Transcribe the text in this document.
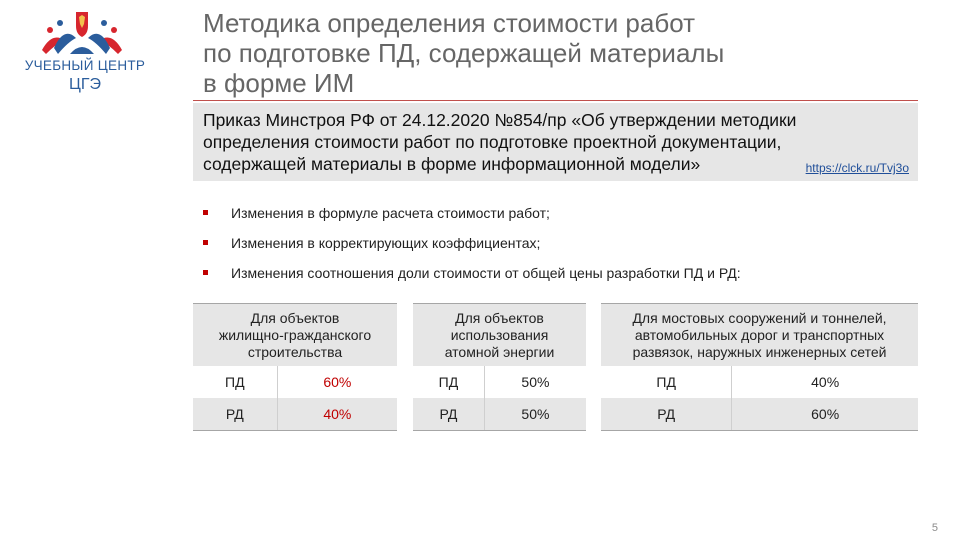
УЧЕБНЫЙ ЦЕНТР
ЦГЭ
Методика определения стоимости работ
по подготовке ПД, содержащей материалы
в форме ИМ
Приказ Минстроя РФ от 24.12.2020 №854/пр «Об утверждении методики
определения стоимости работ по подготовке проектной документации,
содержащей материалы в форме информационной модели»	https://clck.ru/Tvj3o
Изменения в формуле расчета стоимости работ;
Изменения в корректирующих коэффициентах;
Изменения соотношения доли стоимости от общей цены разработки ПД и РД:
Для объектов
жилищно-гражданского
строительства	

ПД	60%
РД	40%
Для объектов
использования
атомной энергии	

ПД	50%
РД	50%
Для мостовых сооружений и тоннелей,
автомобильных дорог и транспортных
развязок, наружных инженерных сетей	

ПД	40%
РД	60%
5
